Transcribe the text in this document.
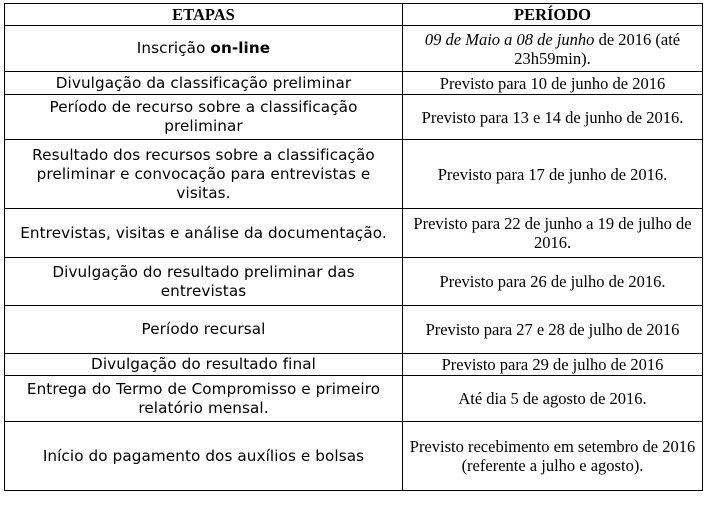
ETAPAS	PERÍODO
Inscrição on-line	09 de Maio a 08 de junho de 2016 (até 23h59min).
Divulgação da classificação preliminar	Previsto para 10 de junho de 2016
Período de recurso sobre a classificação preliminar	Previsto para 13 e 14 de junho de 2016.
Resultado dos recursos sobre a classificação preliminar e convocação para entrevistas e visitas.	Previsto para 17 de junho de 2016.
Entrevistas, visitas e análise da documentação.	Previsto para 22 de junho a 19 de julho de 2016.
Divulgação do resultado preliminar das entrevistas	Previsto para 26 de julho de 2016.
Período recursal	Previsto para 27 e 28 de julho de 2016
Divulgação do resultado final	Previsto para 29 de julho de 2016
Entrega do Termo de Compromisso e primeiro relatório mensal.	Até dia 5 de agosto de 2016.
Início do pagamento dos auxílios e bolsas	Previsto recebimento em setembro de 2016 (referente a julho e agosto).
